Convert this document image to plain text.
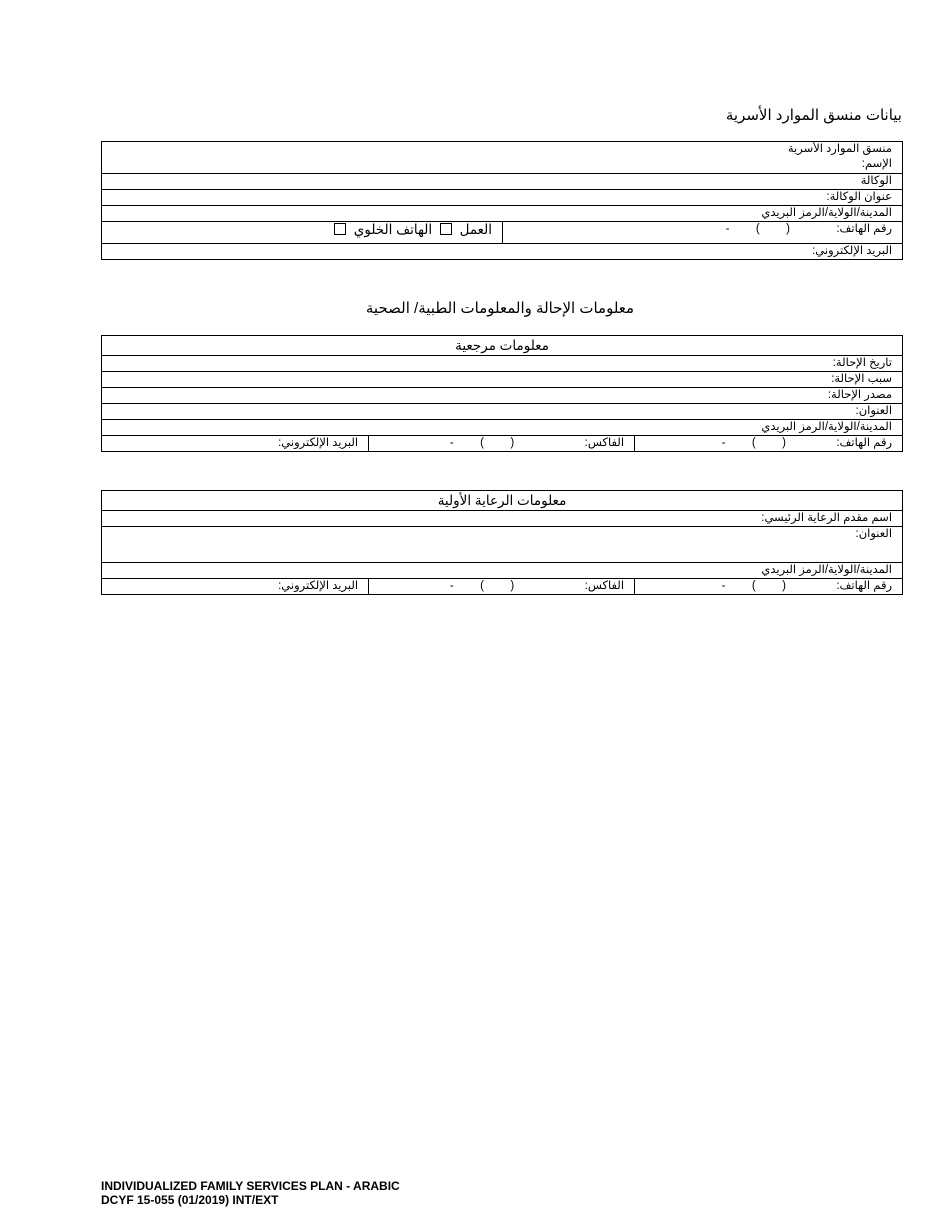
بيانات منسق الموارد الأسرية
منسق الموارد الأسرية
الإسم:

الوكالة
عنوان الوكالة:
المدينة/الولاية/الرمز البريدي
رقم الهاتف:  (  )  -	العمل  الهاتف الخلوي
البريد الإلكتروني:
معلومات الإحالة والمعلومات الطبية/ الصحية
معلومات مرجعية
تاريخ الإحالة:
سبب الإحالة:
مصدر الإحالة:
العنوان:
المدينة/الولاية/الرمز البريدي
رقم الهاتف:  (  )  -	الفاكس:  (  )  -	البريد الإلكتروني:
معلومات الرعاية الأولية
اسم مقدم الرعاية الرئيسي:
العنوان:
المدينة/الولاية/الرمز البريدي
رقم الهاتف:  (  )  -	الفاكس:  (  )  -	البريد الإلكتروني:
INDIVIDUALIZED FAMILY SERVICES PLAN - ARABIC
DCYF 15-055 (01/2019) INT/EXT
